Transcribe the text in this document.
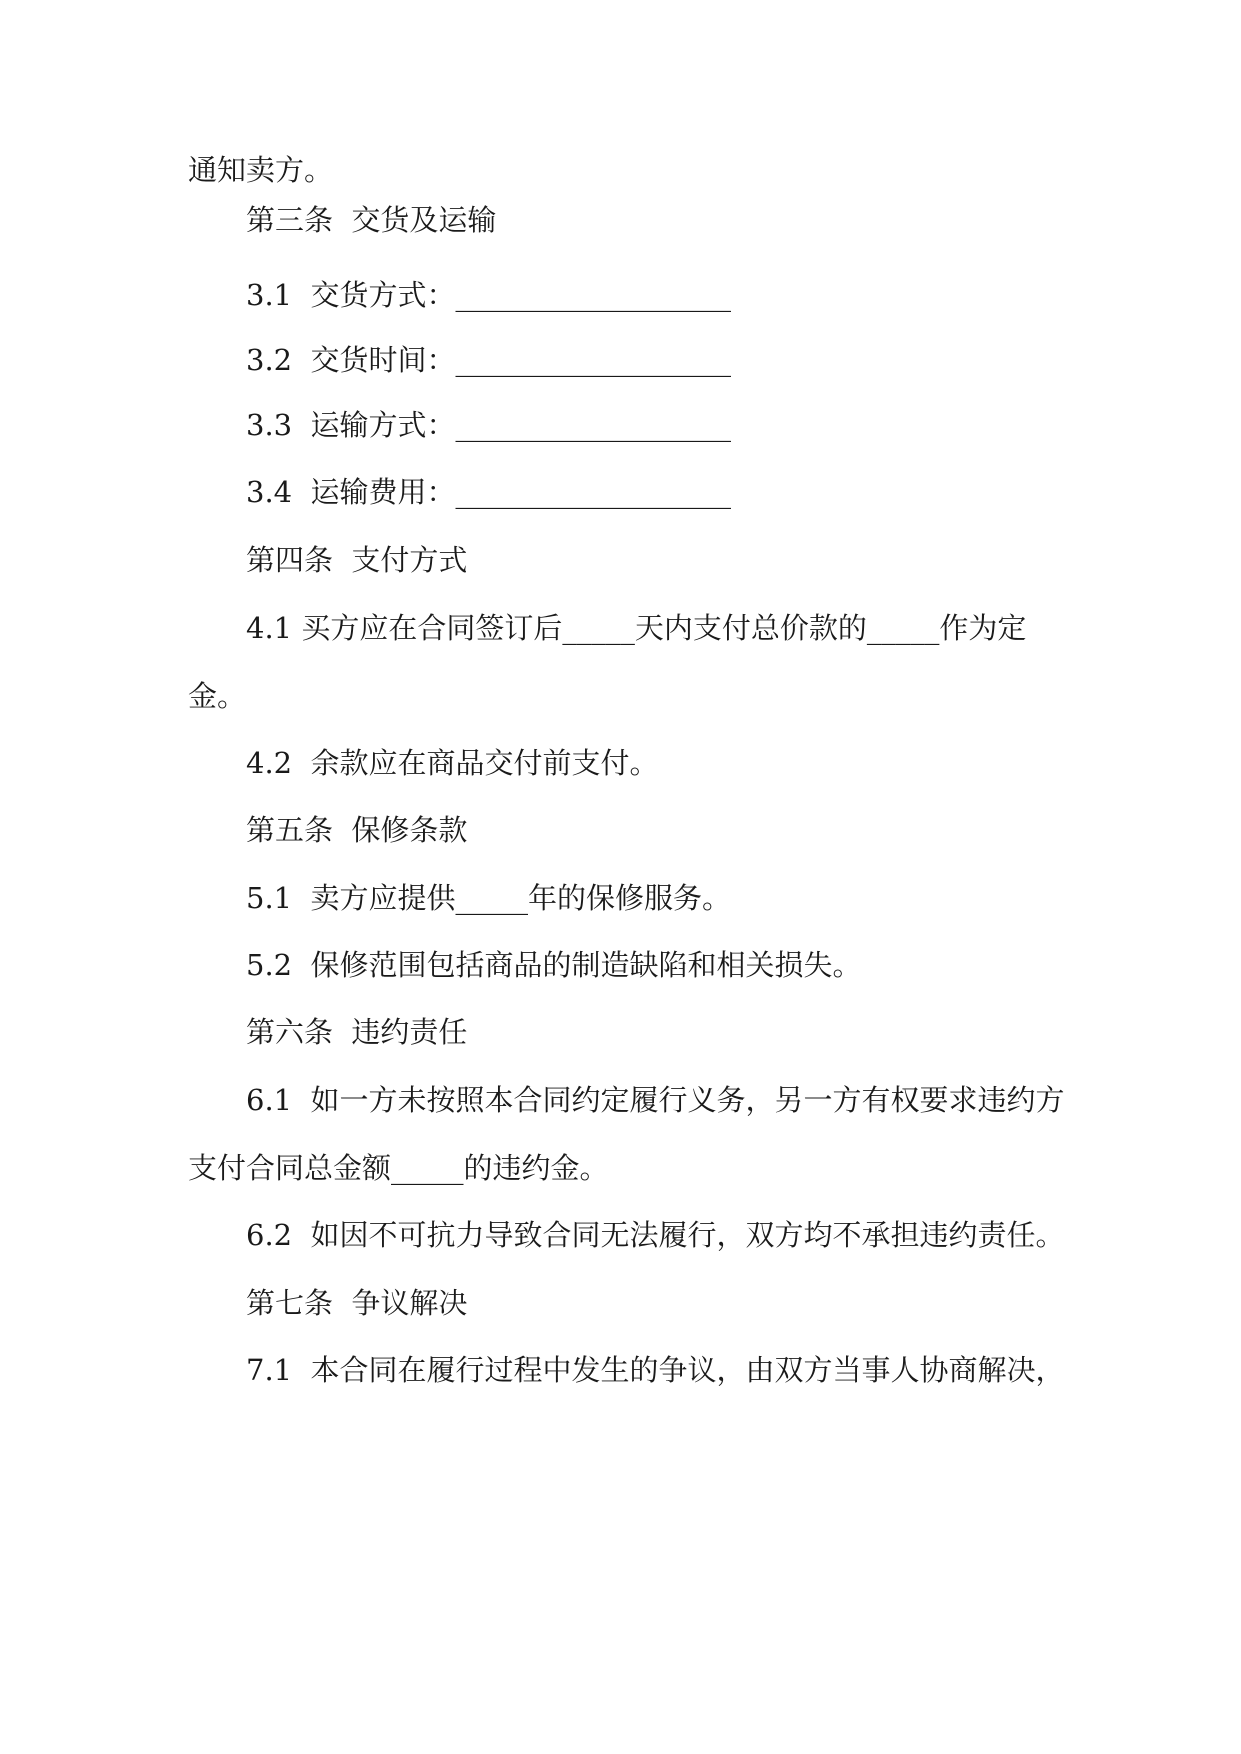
通知卖方。

第三条  交货及运输

3.1  交货方式：___________________

3.2  交货时间：___________________

3.3  运输方式：___________________

3.4  运输费用：___________________

第四条  支付方式

4.1 买方应在合同签订后_____天内支付总价款的_____作为定

金。

4.2  余款应在商品交付前支付。

第五条  保修条款

5.1  卖方应提供_____年的保修服务。

5.2  保修范围包括商品的制造缺陷和相关损失。

第六条  违约责任

6.1  如一方未按照本合同约定履行义务，另一方有权要求违约方

支付合同总金额_____的违约金。

6.2  如因不可抗力导致合同无法履行，双方均不承担违约责任。

第七条  争议解决

7.1  本合同在履行过程中发生的争议，由双方当事人协商解决，
